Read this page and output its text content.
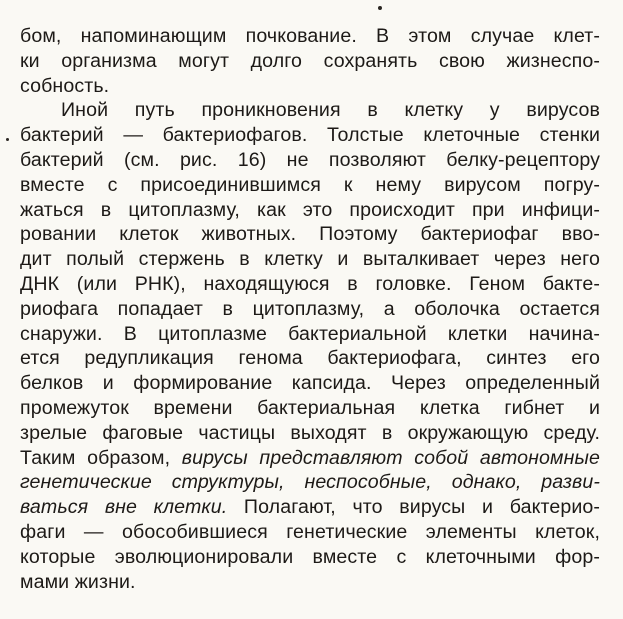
бом, напоминающим почкование. В этом случае клет-
ки организма могут долго сохранять свою жизнеспо-
собность.
Иной путь проникновения в клетку у вирусов
бактерий — бактериофагов. Толстые клеточные стенки
бактерий (см. рис. 16) не позволяют белку-рецептору
вместе с присоединившимся к нему вирусом погру-
жаться в цитоплазму, как это происходит при инфици-
ровании клеток животных. Поэтому бактериофаг вво-
дит полый стержень в клетку и выталкивает через него
ДНК (или РНК), находящуюся в головке. Геном бакте-
риофага попадает в цитоплазму, а оболочка остается
снаружи. В цитоплазме бактериальной клетки начина-
ется редупликация генома бактериофага, синтез его
белков и формирование капсида. Через определенный
промежуток времени бактериальная клетка гибнет и
зрелые фаговые частицы выходят в окружающую среду.
Таким образом, вирусы представляют собой автономные
генетические структуры, неспособные, однако, разви-
ваться вне клетки. Полагают, что вирусы и бактерио-
фаги — обособившиеся генетические элементы клеток,
которые эволюционировали вместе с клеточными фор-
мами жизни.
